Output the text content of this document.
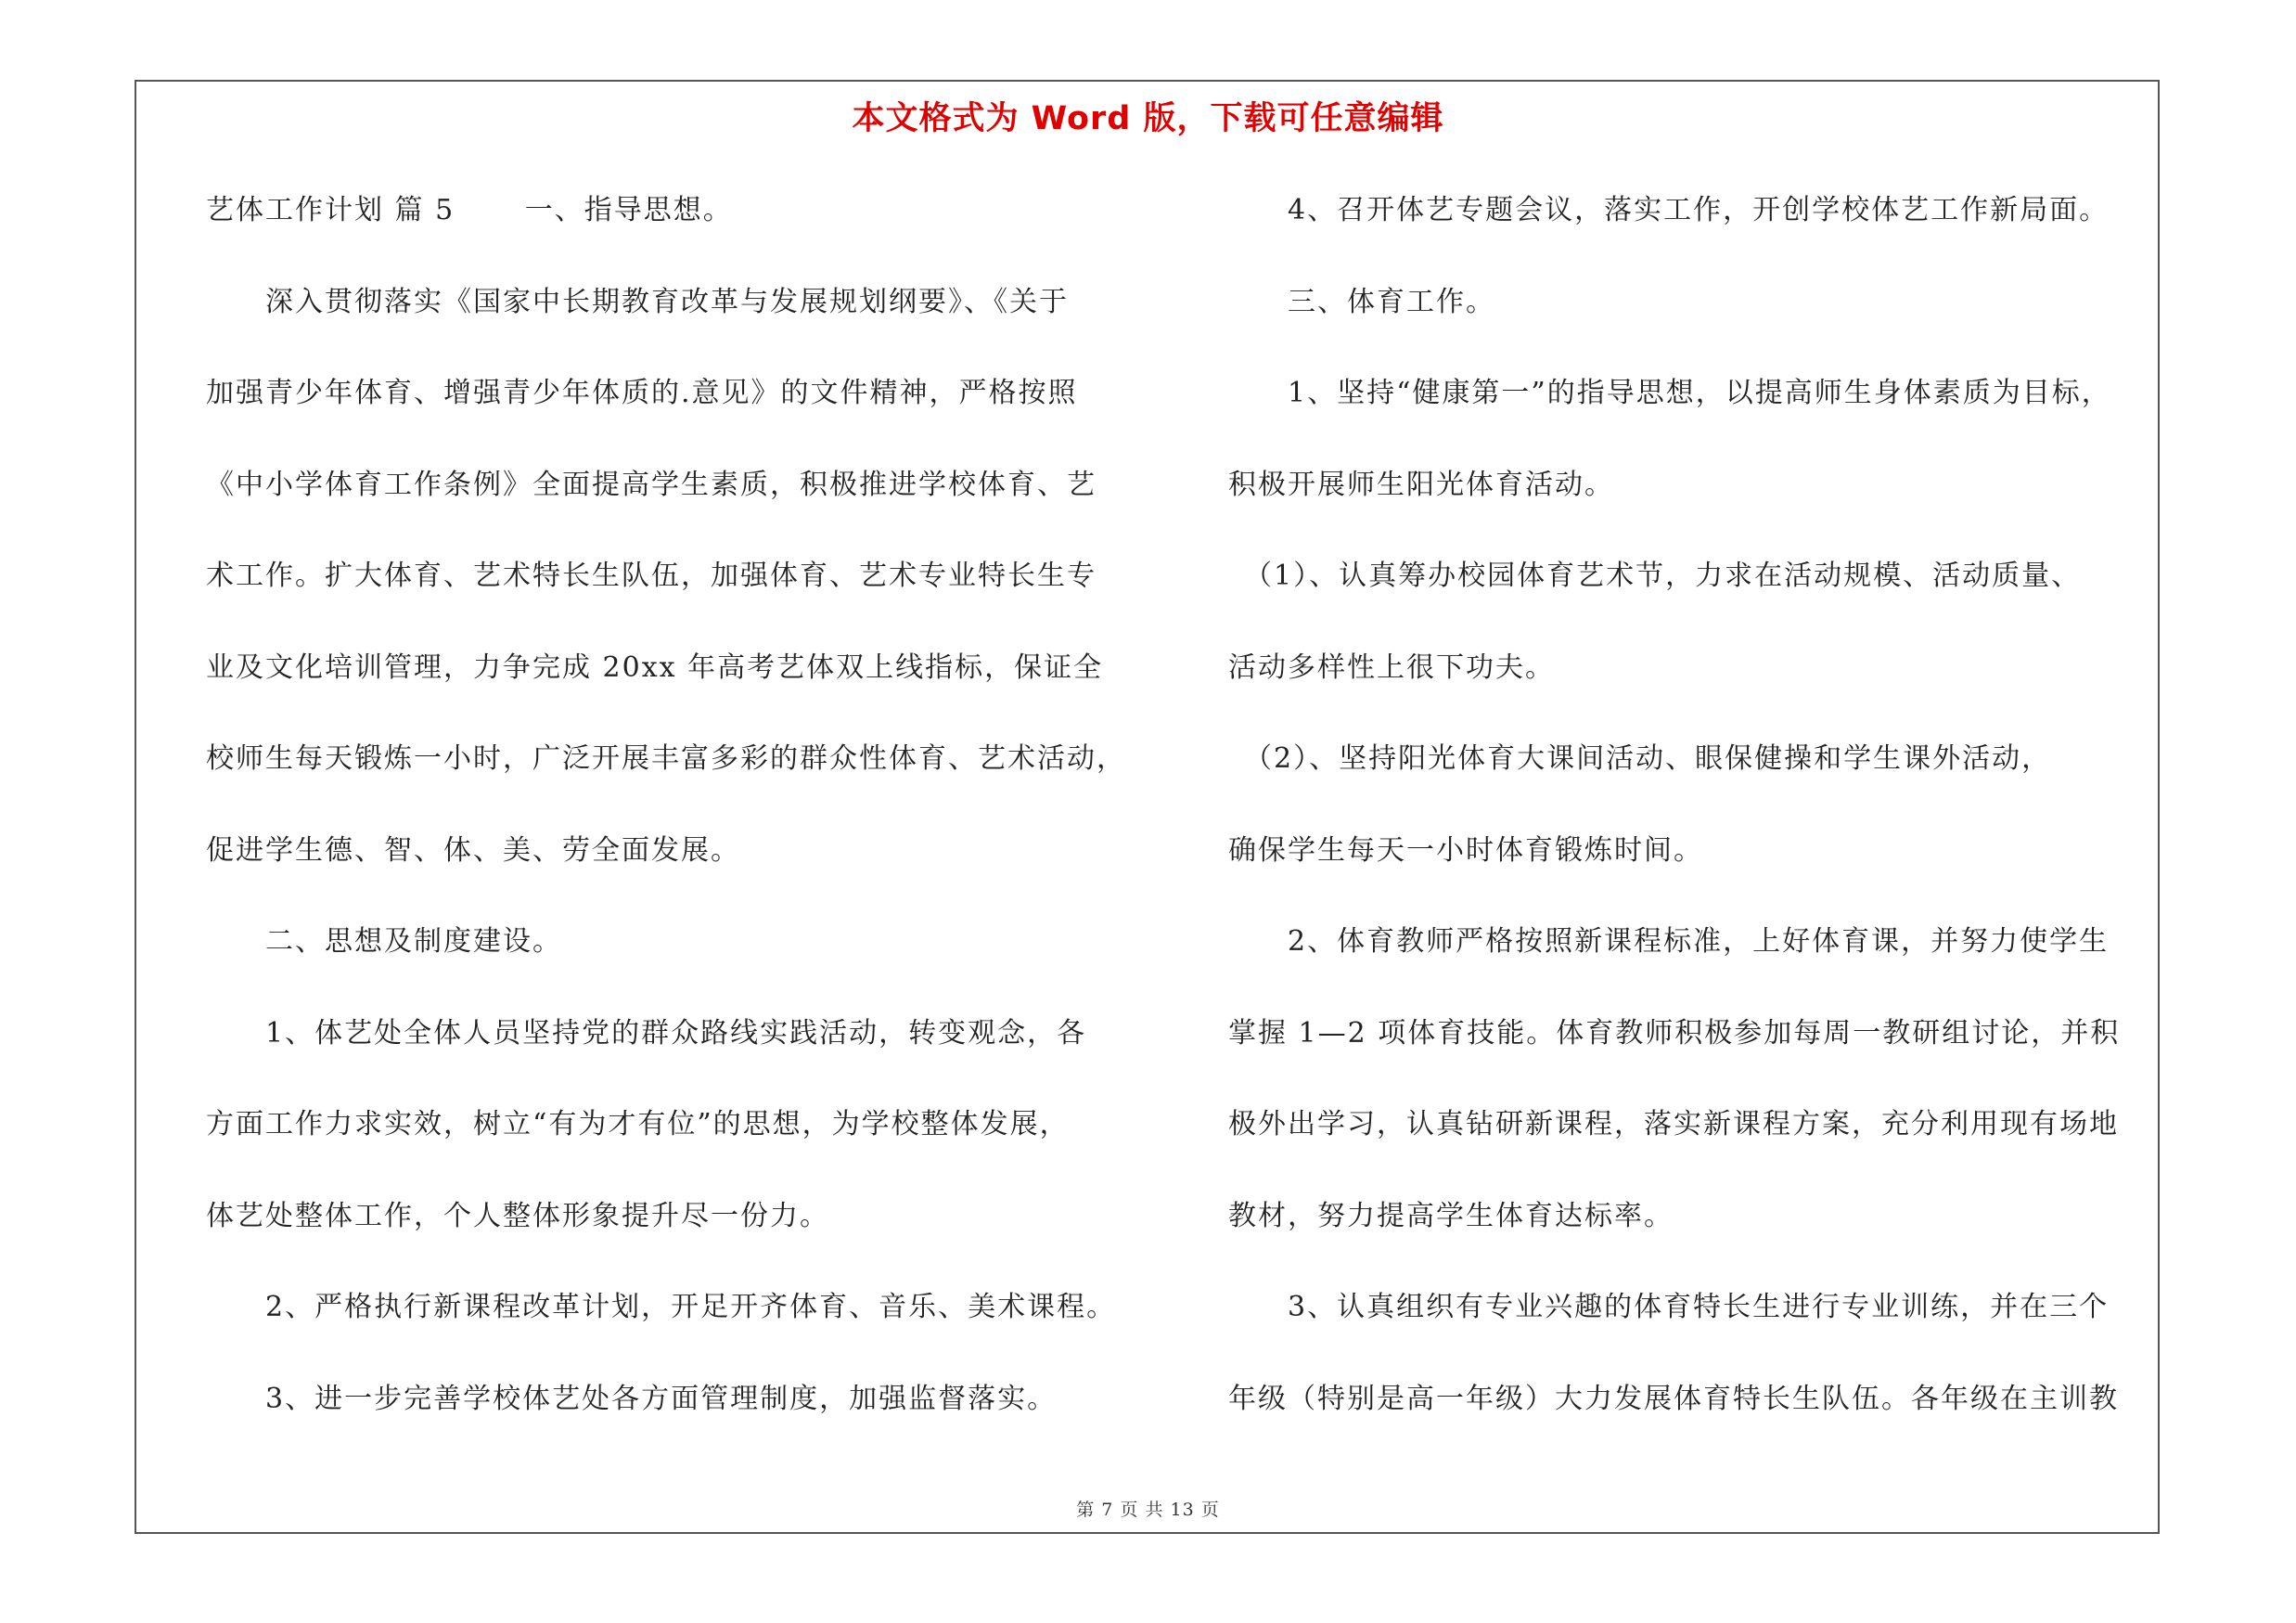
本文格式为 Word 版，下载可任意编辑
艺体工作计划 篇 5　　 一、指导思想。
　　深入贯彻落实《国家中长期教育改革与发展规划纲要》、《关于
加强青少年体育、增强青少年体质的.意见》的文件精神，严格按照
《中小学体育工作条例》全面提高学生素质，积极推进学校体育、艺
术工作。扩大体育、艺术特长生队伍，加强体育、艺术专业特长生专
业及文化培训管理，力争完成 20xx 年高考艺体双上线指标，保证全
校师生每天锻炼一小时，广泛开展丰富多彩的群众性体育、艺术活动，
促进学生德、智、体、美、劳全面发展。
　　二、思想及制度建设。
　　1、体艺处全体人员坚持党的群众路线实践活动，转变观念，各
方面工作力求实效，树立“有为才有位”的思想，为学校整体发展，
体艺处整体工作，个人整体形象提升尽一份力。
　　2、严格执行新课程改革计划，开足开齐体育、音乐、美术课程。
　　3、进一步完善学校体艺处各方面管理制度，加强监督落实。
　　4、召开体艺专题会议，落实工作，开创学校体艺工作新局面。
　　三、体育工作。
　　1、坚持“健康第一”的指导思想，以提高师生身体素质为目标，
积极开展师生阳光体育活动。
　（1）、认真筹办校园体育艺术节，力求在活动规模、活动质量、
活动多样性上很下功夫。
　（2）、坚持阳光体育大课间活动、眼保健操和学生课外活动，
确保学生每天一小时体育锻炼时间。
　　2、体育教师严格按照新课程标准，上好体育课，并努力使学生
掌握 1—2 项体育技能。体育教师积极参加每周一教研组讨论，并积
极外出学习，认真钻研新课程，落实新课程方案，充分利用现有场地
教材，努力提高学生体育达标率。
　　3、认真组织有专业兴趣的体育特长生进行专业训练，并在三个
年级（特别是高一年级）大力发展体育特长生队伍。各年级在主训教
第 7 页 共 13 页
